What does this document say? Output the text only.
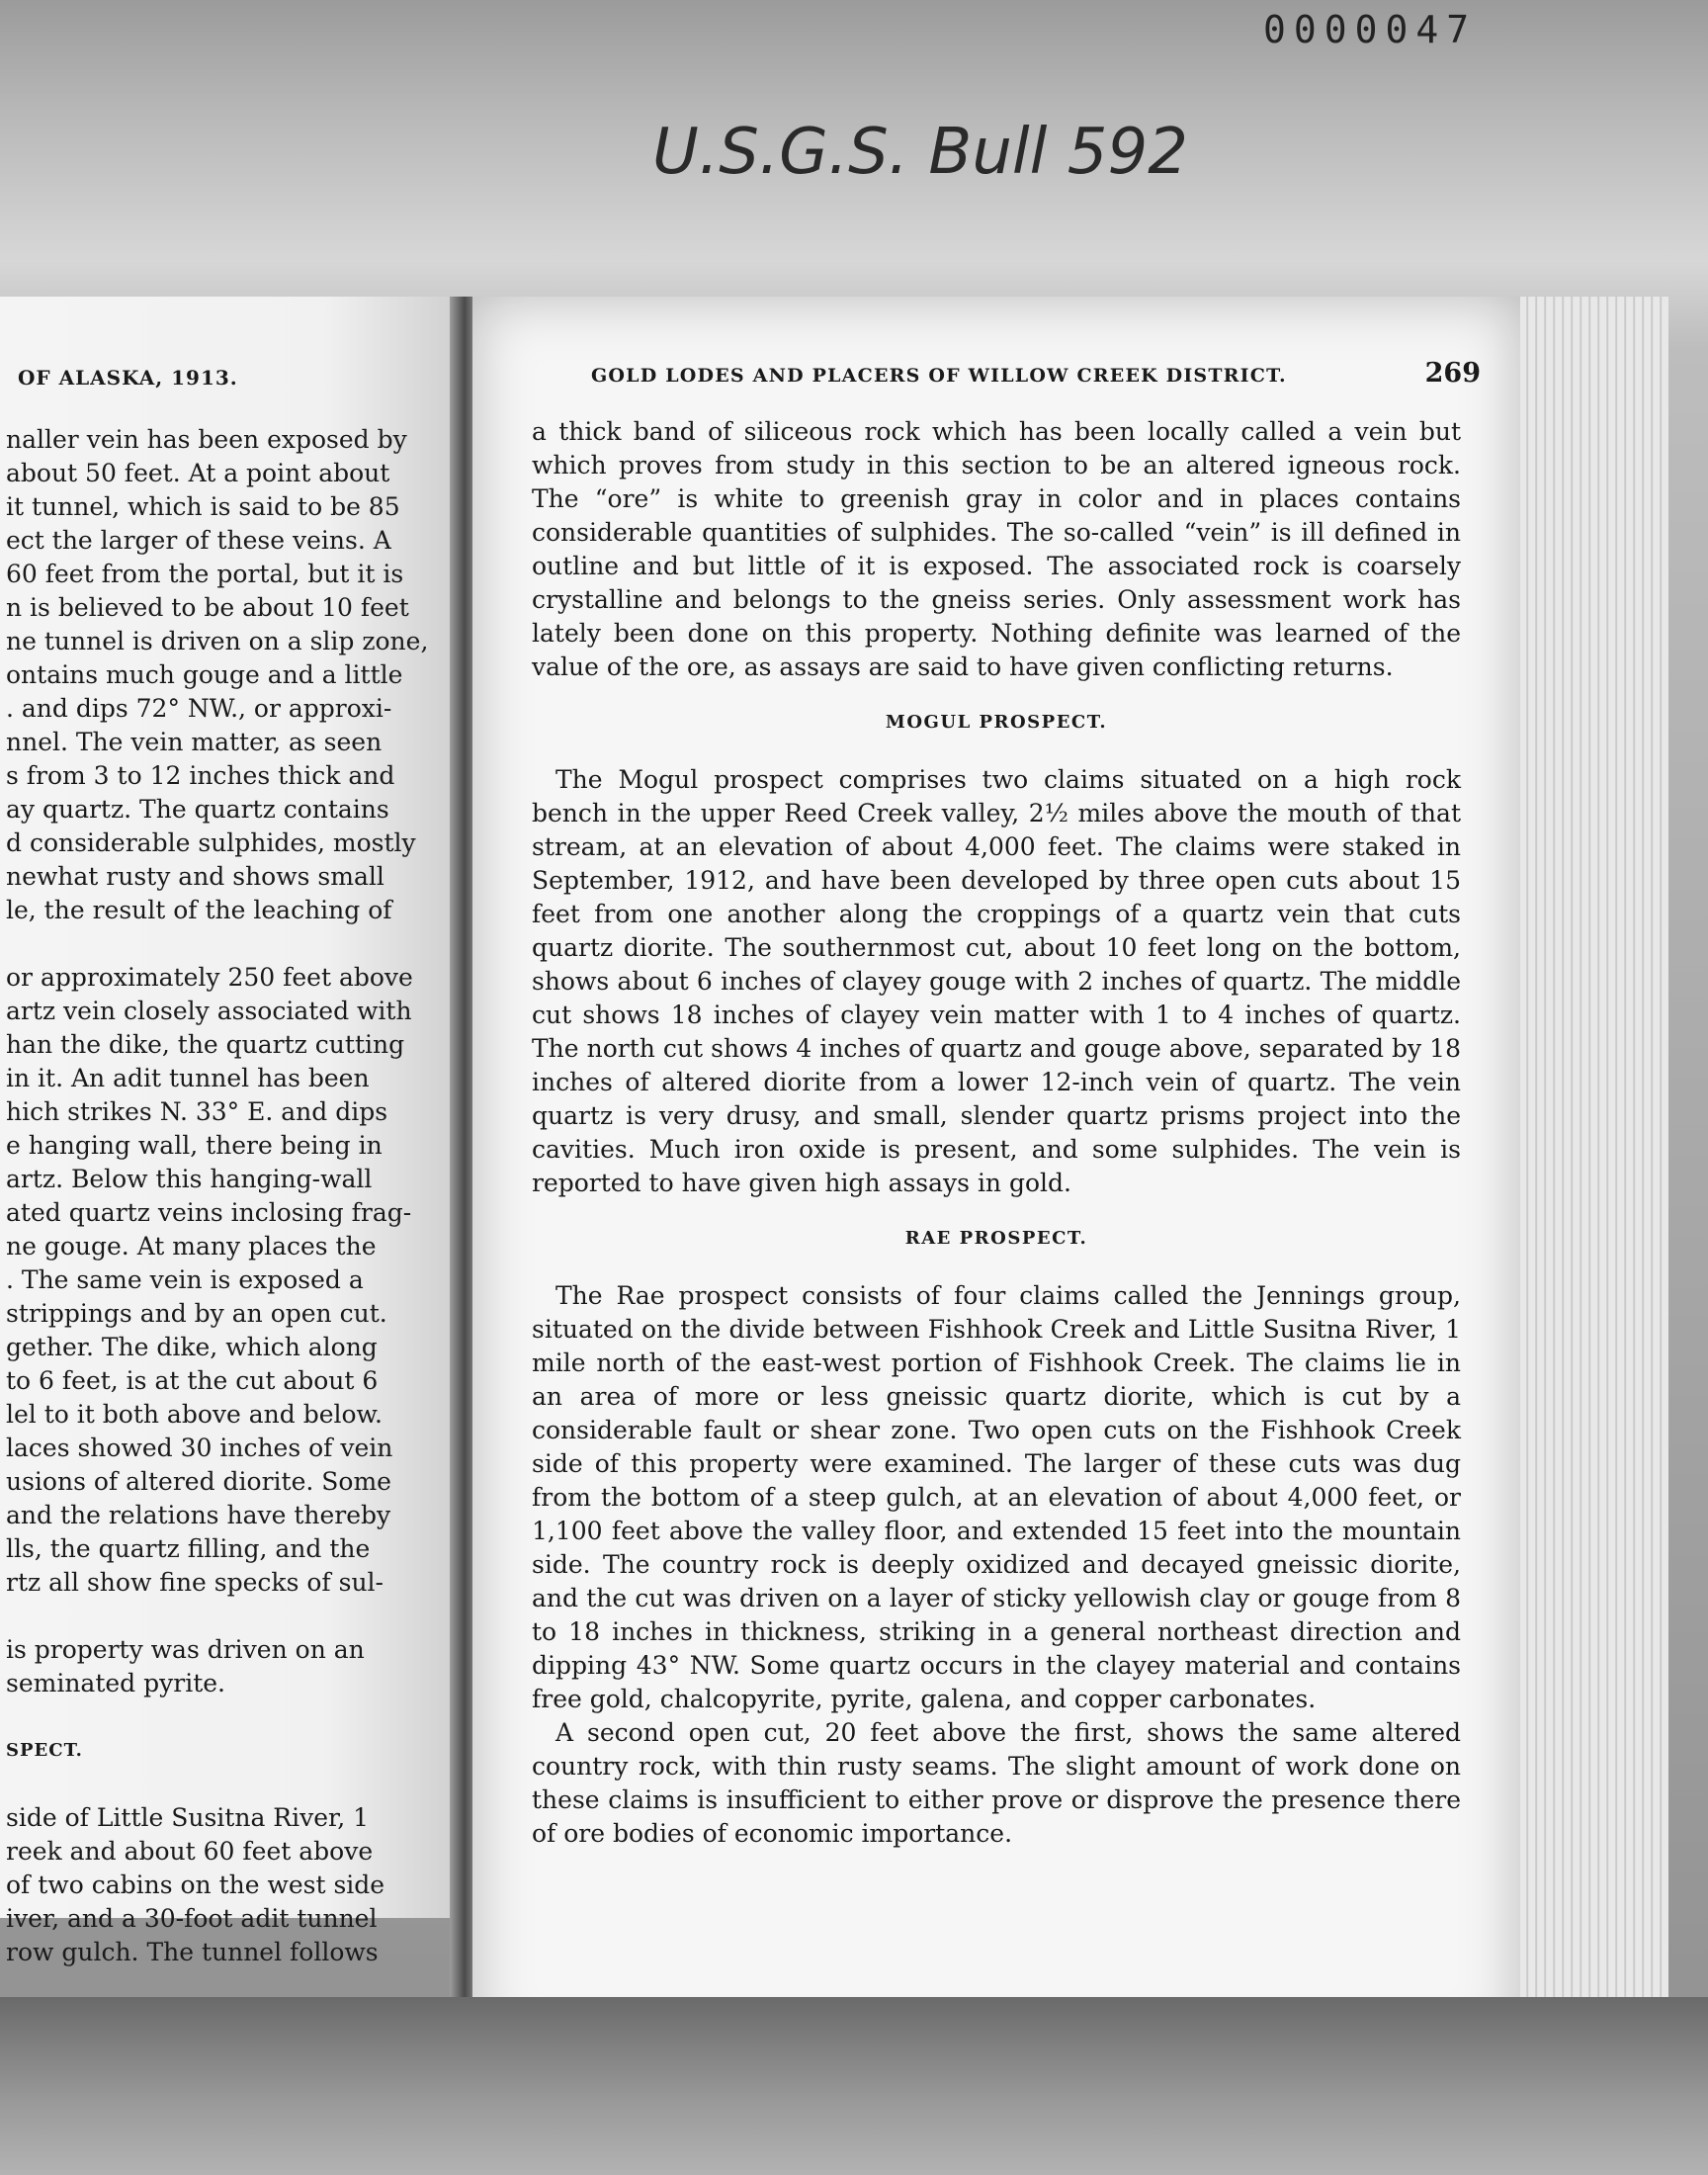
0000047
U.S.G.S. Bull 592
OF ALASKA, 1913.
naller vein has been exposed by
about 50 feet. At a point about
it tunnel, which is said to be 85
ect the larger of these veins. A
60 feet from the portal, but it is
n is believed to be about 10 feet
ne tunnel is driven on a slip zone,
ontains much gouge and a little
. and dips 72° NW., or approxi-
nnel. The vein matter, as seen
s from 3 to 12 inches thick and
ay quartz. The quartz contains
d considerable sulphides, mostly
newhat rusty and shows small
le, the result of the leaching of
or approximately 250 feet above
artz vein closely associated with
han the dike, the quartz cutting
in it. An adit tunnel has been
hich strikes N. 33° E. and dips
e hanging wall, there being in
artz. Below this hanging-wall
ated quartz veins inclosing frag-
ne gouge. At many places the
. The same vein is exposed a
strippings and by an open cut.
gether. The dike, which along
to 6 feet, is at the cut about 6
lel to it both above and below.
laces showed 30 inches of vein
usions of altered diorite. Some
and the relations have thereby
lls, the quartz filling, and the
rtz all show fine specks of sul-
is property was driven on an
seminated pyrite.
SPECT.
side of Little Susitna River, 1
reek and about 60 feet above
of two cabins on the west side
iver, and a 30-foot adit tunnel
row gulch. The tunnel follows
GOLD LODES AND PLACERS OF WILLOW CREEK DISTRICT.	269

a thick band of siliceous rock which has been locally called a vein but which proves from study in this section to be an altered igneous rock. The “ore” is white to greenish gray in color and in places contains considerable quantities of sulphides. The so-called “vein” is ill defined in outline and but little of it is exposed. The associated rock is coarsely crystalline and belongs to the gneiss series. Only assessment work has lately been done on this property. Nothing definite was learned of the value of the ore, as assays are said to have given conflicting returns.

MOGUL PROSPECT.

The Mogul prospect comprises two claims situated on a high rock bench in the upper Reed Creek valley, 2½ miles above the mouth of that stream, at an elevation of about 4,000 feet. The claims were staked in September, 1912, and have been developed by three open cuts about 15 feet from one another along the croppings of a quartz vein that cuts quartz diorite. The southernmost cut, about 10 feet long on the bottom, shows about 6 inches of clayey gouge with 2 inches of quartz. The middle cut shows 18 inches of clayey vein matter with 1 to 4 inches of quartz. The north cut shows 4 inches of quartz and gouge above, separated by 18 inches of altered diorite from a lower 12-inch vein of quartz. The vein quartz is very drusy, and small, slender quartz prisms project into the cavities. Much iron oxide is present, and some sulphides. The vein is reported to have given high assays in gold.

RAE PROSPECT.

The Rae prospect consists of four claims called the Jennings group, situated on the divide between Fishhook Creek and Little Susitna River, 1 mile north of the east-west portion of Fishhook Creek. The claims lie in an area of more or less gneissic quartz diorite, which is cut by a considerable fault or shear zone. Two open cuts on the Fishhook Creek side of this property were examined. The larger of these cuts was dug from the bottom of a steep gulch, at an elevation of about 4,000 feet, or 1,100 feet above the valley floor, and extended 15 feet into the mountain side. The country rock is deeply oxidized and decayed gneissic diorite, and the cut was driven on a layer of sticky yellowish clay or gouge from 8 to 18 inches in thickness, striking in a general northeast direction and dipping 43° NW. Some quartz occurs in the clayey material and contains free gold, chalcopyrite, pyrite, galena, and copper carbonates.

A second open cut, 20 feet above the first, shows the same altered country rock, with thin rusty seams. The slight amount of work done on these claims is insufficient to either prove or disprove the presence there of ore bodies of economic importance.
